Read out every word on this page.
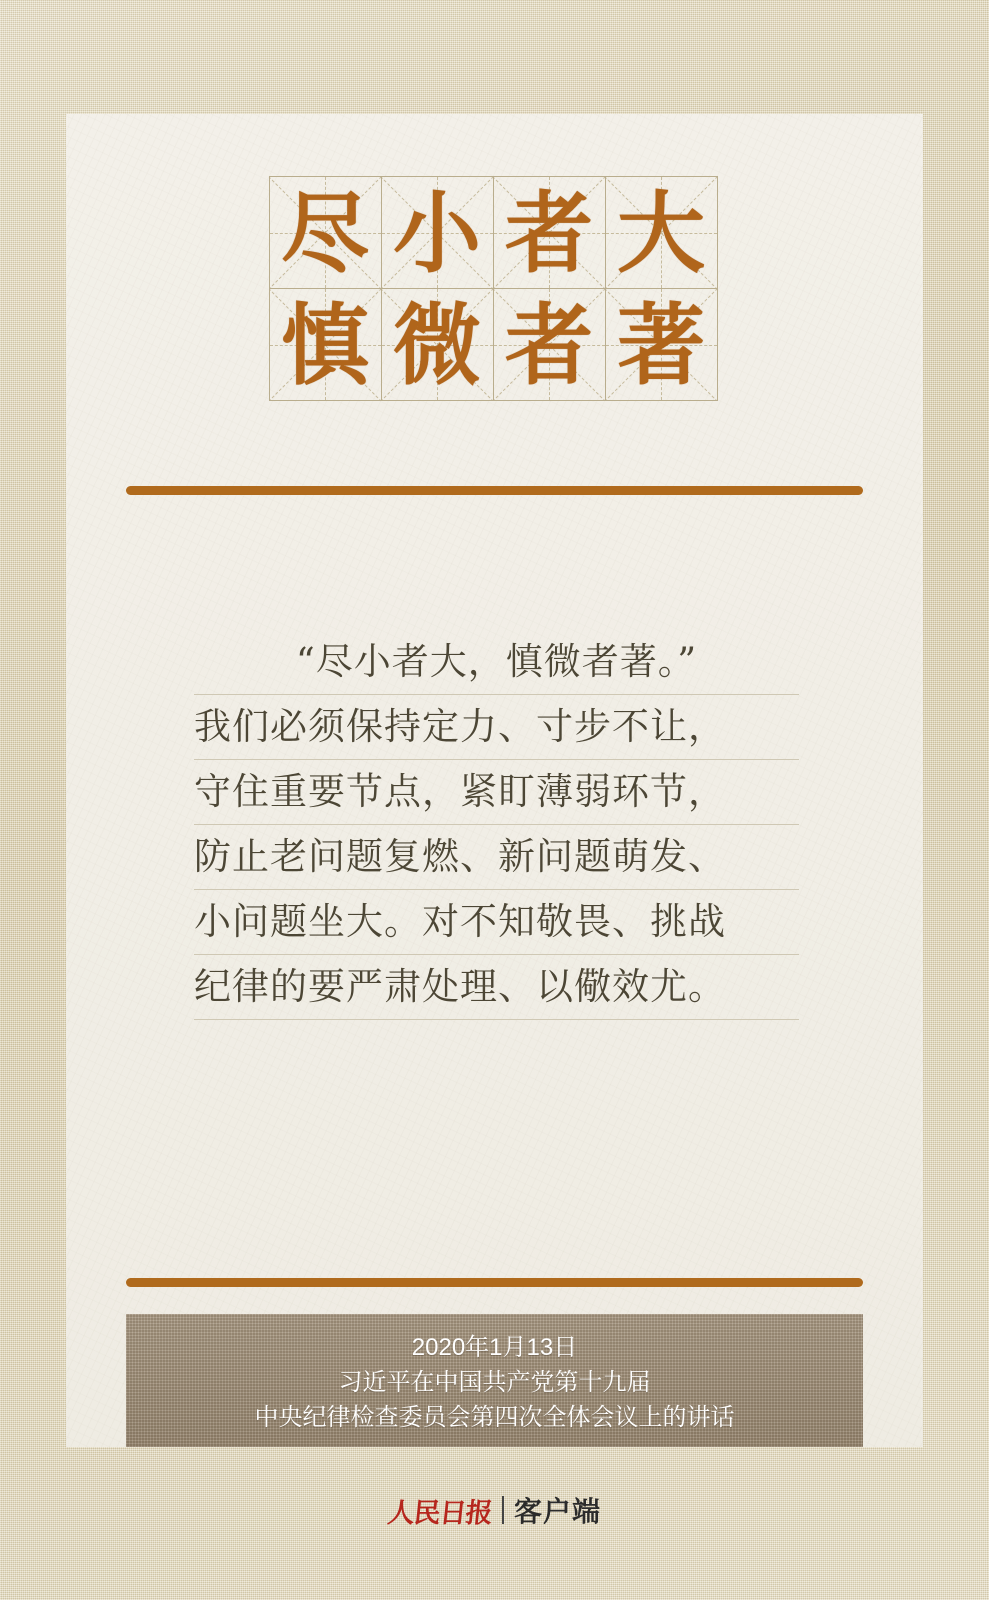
尽 小 者 大
慎 微 者 著
“尽小者大，慎微者著。”
我们必须保持定力、寸步不让，
守住重要节点，紧盯薄弱环节，
防止老问题复燃、新问题萌发、
小问题坐大。对不知敬畏、挑战
纪律的要严肃处理、以儆效尤。
2020年1月13日
习近平在中国共产党第十九届
中央纪律检查委员会第四次全体会议上的讲话
人民日报 客户端
